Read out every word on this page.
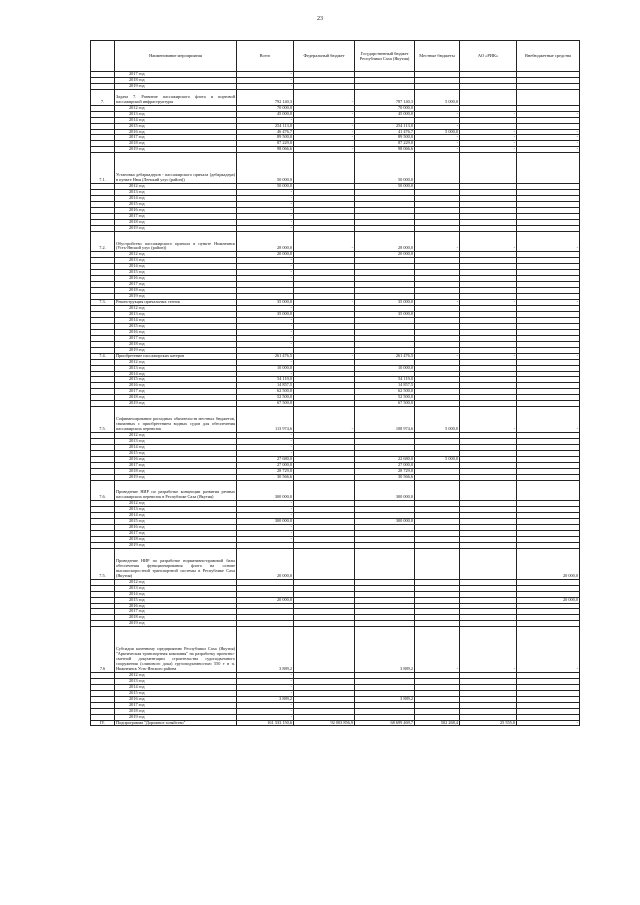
23
	Наименование мероприятия	Всего	Федеральный бюджет	Государственный бюджет Республики Саха (Якутия)	Местные бюджеты	АО «РИК»	Внебюджетные средства
	2017 год	-					
	2018 год	-					
	2019 год	-					
7.	Задача 7. Развитие пассажирского флота и портовой пассажирской инфраструктуры	792 140,3	-	787 140,3	5 000,0		
	2012 год	70 000,0		70 000,0			
	2013 год	45 000,0	-	45 000,0	-	-	-
	2014 год	-					
	2015 год	254 113,0	-	254 113,0	-		
	2016 год	46 476,7	-	41 476,7	5 000,0	-	-
	2017 год	89 500,0	-	89 500,0	-	-	-
	2018 год	87 229,0		87 229,0	-	-	-
	2019 год	98 066,6	-	98 066,6	-	-	-
7.1.	Установка дебаркадеров - пассажирского причала (дебаркадера) в пункте Нюя (Ленский улус (район))	50 000,0		50 000,0			
	2012 год	50 000,0		50 000,0			
	2013 год	-					
	2014 год	-					
	2015 год	-					
	2016 год	-					
	2017 год	-					
	2018 год	-					
	2019 год	-					
7.2.	Обустройство пассажирского причала в пункте Нижнеянск (Усть-Янский улус (район))	28 000,0	-	28 000,0	-	-	-
	2012 год	20 000,0		20 000,0			
	2013 год	-					
	2014 год	-					
	2015 год	-					
	2016 год	-					
	2017 год						
	2018 год						
	2019 год						
7.3.	Реконструкция причальных стенок	35 000,0	-	35 000,0	-	-	-
	2012 год	-					
	2013 год	35 000,0		35 000,0			
	2014 год	-					
	2015 год	-					
	2016 год	-					
	2017 год	-					
	2018 год	-					
	2019 год						
7.4.	Приобретение пассажирских катеров	261 476,5	-	261 476,5	-	-	-
	2012 год	-					
	2013 год	10 000,0		10 000,0			
	2014 год	-					
	2015 год	54 119,0		54 119,0			
	2016 год	14 857,5		14 857,5			
	2017 год	62 500,0		62 500,0			
	2018 год	52 500,0		52 500,0			
	2019 год	67 500,0		67 500,0			
7.5.	Софинансирование расходных обязательств местных бюджетов, связанных с приобретением водных судов для обеспечения пассажирских перевозок	113 974,6	-	108 974,6	5 000,0	-	-
	2012 год	-					
	2013 год	-					
	2014 год	-					
	2015 год	-					
	2016 год	27 680,0		22 680,0	5 000,0		
	2017 год	27 000,0		27 000,0			
	2018 год	28 729,0		28 729,0			
	2019 год	30 566,6		30 566,6			
7.6.	Проведение НИР по разработке концепции развития речных пассажирских перевозок в Республике Саха (Якутия)	300 000,0		300 000,0			
	2012 год	-					
	2013 год	-					
	2014 год	-					
	2015 год	300 000,0		300 000,0			
	2016 год	-					
	2017 год	-					
	2018 год	-					
	2019 год						
7.5.	Проведение НИР по разработке нормативно-правовой базы обеспечения функционирования флота на основе высокоскоростной транспортной системы в Республике Саха (Якутия)	20 000,0					20 000,0
	2012 год						
	2013 год						
	2014 год						
	2015 год	20 000,0					20 000,0
	2016 год						
	2017 год						
	2018 год						
	2019 год						
7.6	Субсидия казенному предприятию Республики Саха (Якутия) "Арктическая транспортная компания" на разработку проектно-сметной документации строительства судоподъемного сооружения (слипового дока) грузоподъемностью 550 т в п. Нижнеянск Усть-Янского района	3 889,2		3 889,2	-	-	-
	2012 год	-					
	2013 год	-					
	2014 год	-					
	2015 год	-					
	2016 год	3 889,2		3 889,2			
	2017 год	-					
	2018 год	-					
	2019 год	-					
IV.	Подпрограмма "Дорожное хозяйство"	161 333 150,6	92 003 856,9	68 699 469,7	502 268,4	25 555,0	-
